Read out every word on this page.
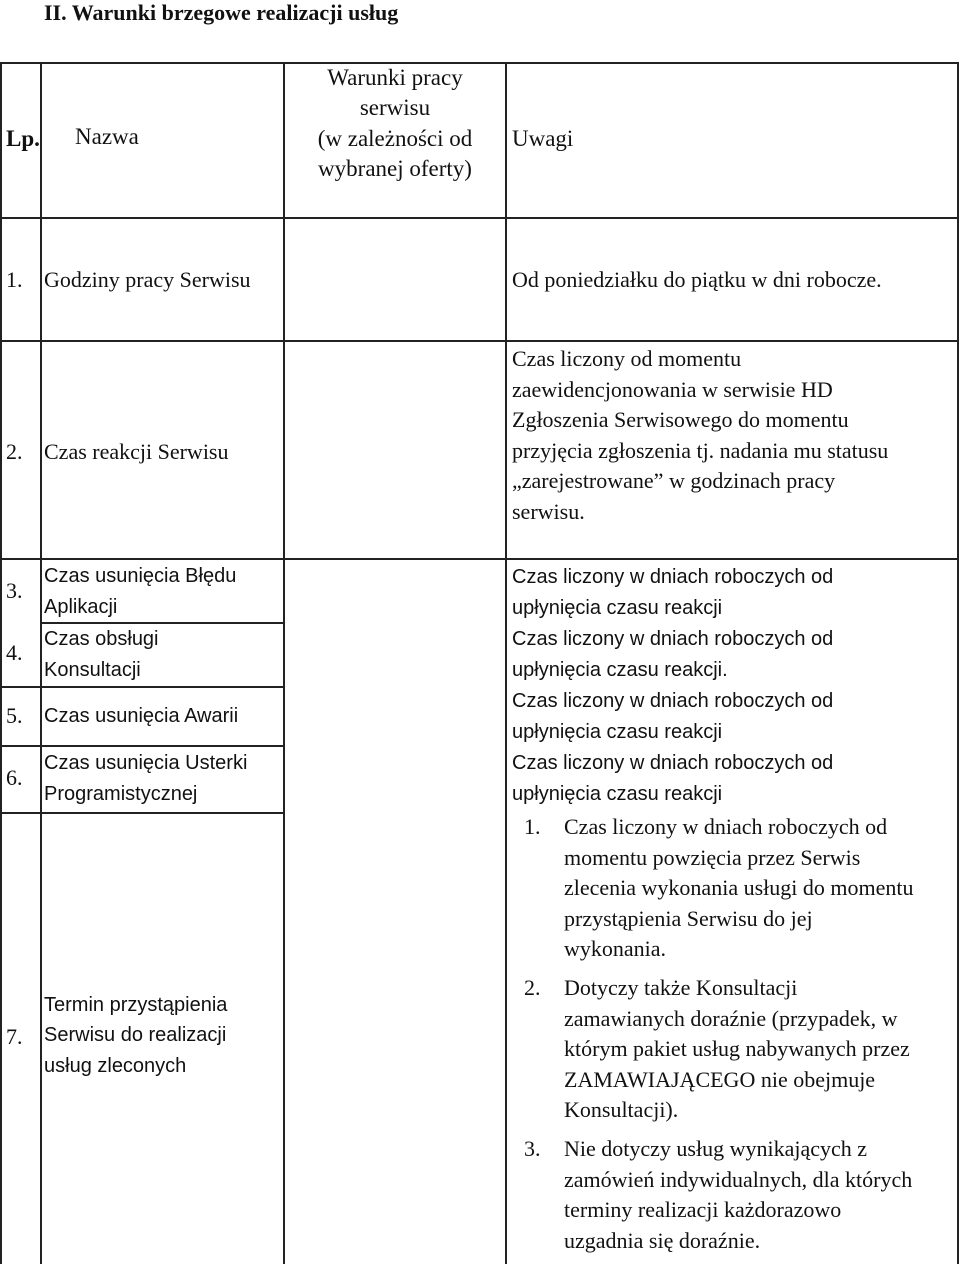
II. Warunki brzegowe realizacji usług
Lp. Nazwa
Warunki pracy
serwisu
(w zależności od
wybranej oferty)
Uwagi
1. Godziny pracy Serwisu	Od poniedziałku do piątku w dni robocze.
2. Czas reakcji Serwisu
Czas liczony od momentu
zaewidencjonowania w serwisie HD
Zgłoszenia Serwisowego do momentu
przyjęcia zgłoszenia tj. nadania mu statusu
„zarejestrowane” w godzinach pracy
serwisu.
3.
Czas usunięcia Błędu
Aplikacji
Czas liczony w dniach roboczych od
upłynięcia czasu reakcji
4.
Czas obsługi
Konsultacji
Czas liczony w dniach roboczych od
upłynięcia czasu reakcji.
5. Czas usunięcia Awarii
Czas liczony w dniach roboczych od
upłynięcia czasu reakcji
6.
Czas usunięcia Usterki
Programistycznej
Czas liczony w dniach roboczych od
upłynięcia czasu reakcji
7.
Termin przystąpienia
Serwisu do realizacji
usług zleconych
1. Czas liczony w dniach roboczych od
momentu powzięcia przez Serwis
zlecenia wykonania usługi do momentu
przystąpienia Serwisu do jej
wykonania.
2. Dotyczy także Konsultacji
zamawianych doraźnie (przypadek, w
którym pakiet usług nabywanych przez
ZAMAWIAJĄCEGO nie obejmuje
Konsultacji).
3. Nie dotyczy usług wynikających z
zamówień indywidualnych, dla których
terminy realizacji każdorazowo
uzgadnia się doraźnie.
